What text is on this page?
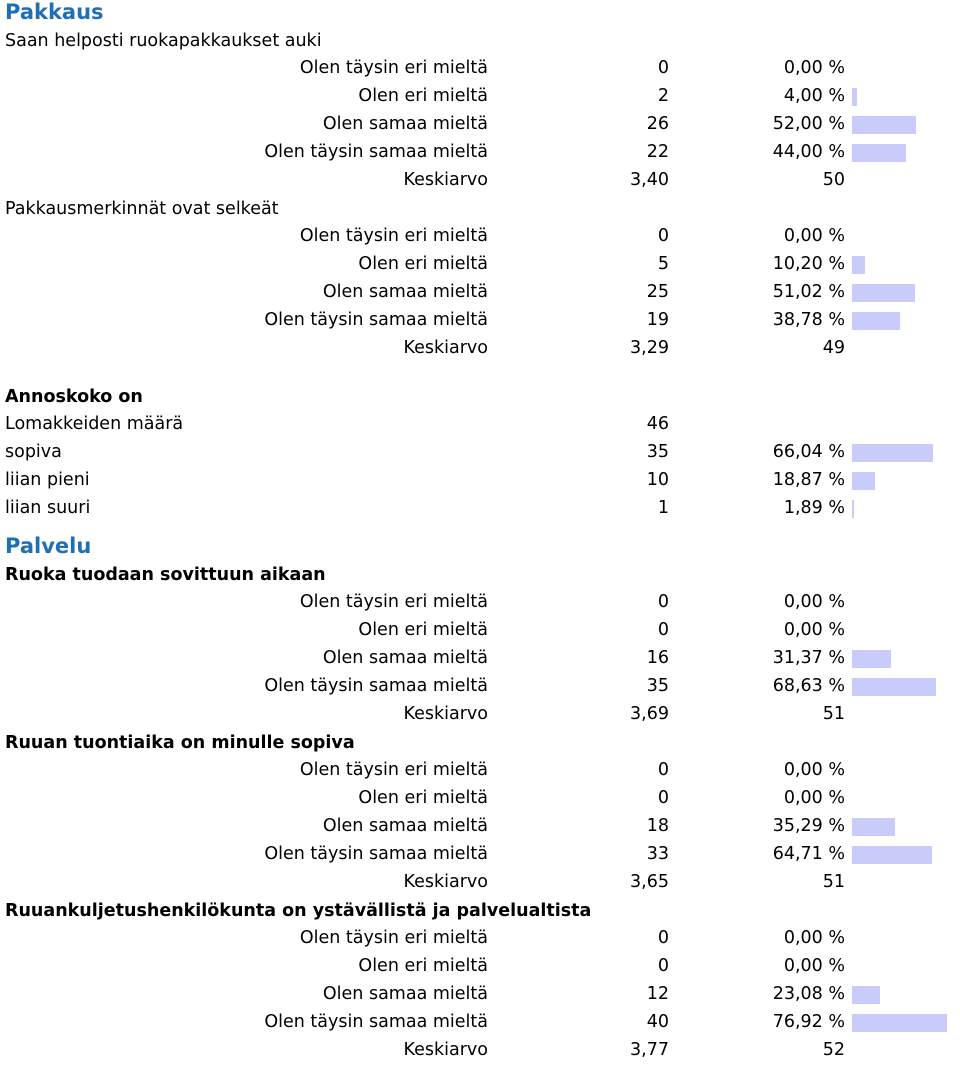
Pakkaus
Saan helposti ruokapakkaukset auki
Olen täysin eri mieltä	0	0,00 %
Olen eri mieltä	2	4,00 %
Olen samaa mieltä	26	52,00 %
Olen täysin samaa mieltä	22	44,00 %
Keskiarvo	3,40	50
Pakkausmerkinnät ovat selkeät
Olen täysin eri mieltä	0	0,00 %
Olen eri mieltä	5	10,20 %
Olen samaa mieltä	25	51,02 %
Olen täysin samaa mieltä	19	38,78 %
Keskiarvo	3,29	49
Annoskoko on
Lomakkeiden määrä	46
sopiva	35	66,04 %
liian pieni	10	18,87 %
liian suuri	1	1,89 %
Palvelu
Ruoka tuodaan sovittuun aikaan
Olen täysin eri mieltä	0	0,00 %
Olen eri mieltä	0	0,00 %
Olen samaa mieltä	16	31,37 %
Olen täysin samaa mieltä	35	68,63 %
Keskiarvo	3,69	51
Ruuan tuontiaika on minulle sopiva
Olen täysin eri mieltä	0	0,00 %
Olen eri mieltä	0	0,00 %
Olen samaa mieltä	18	35,29 %
Olen täysin samaa mieltä	33	64,71 %
Keskiarvo	3,65	51
Ruuankuljetushenkilökunta on ystävällistä ja palvelualtista
Olen täysin eri mieltä	0	0,00 %
Olen eri mieltä	0	0,00 %
Olen samaa mieltä	12	23,08 %
Olen täysin samaa mieltä	40	76,92 %
Keskiarvo	3,77	52
